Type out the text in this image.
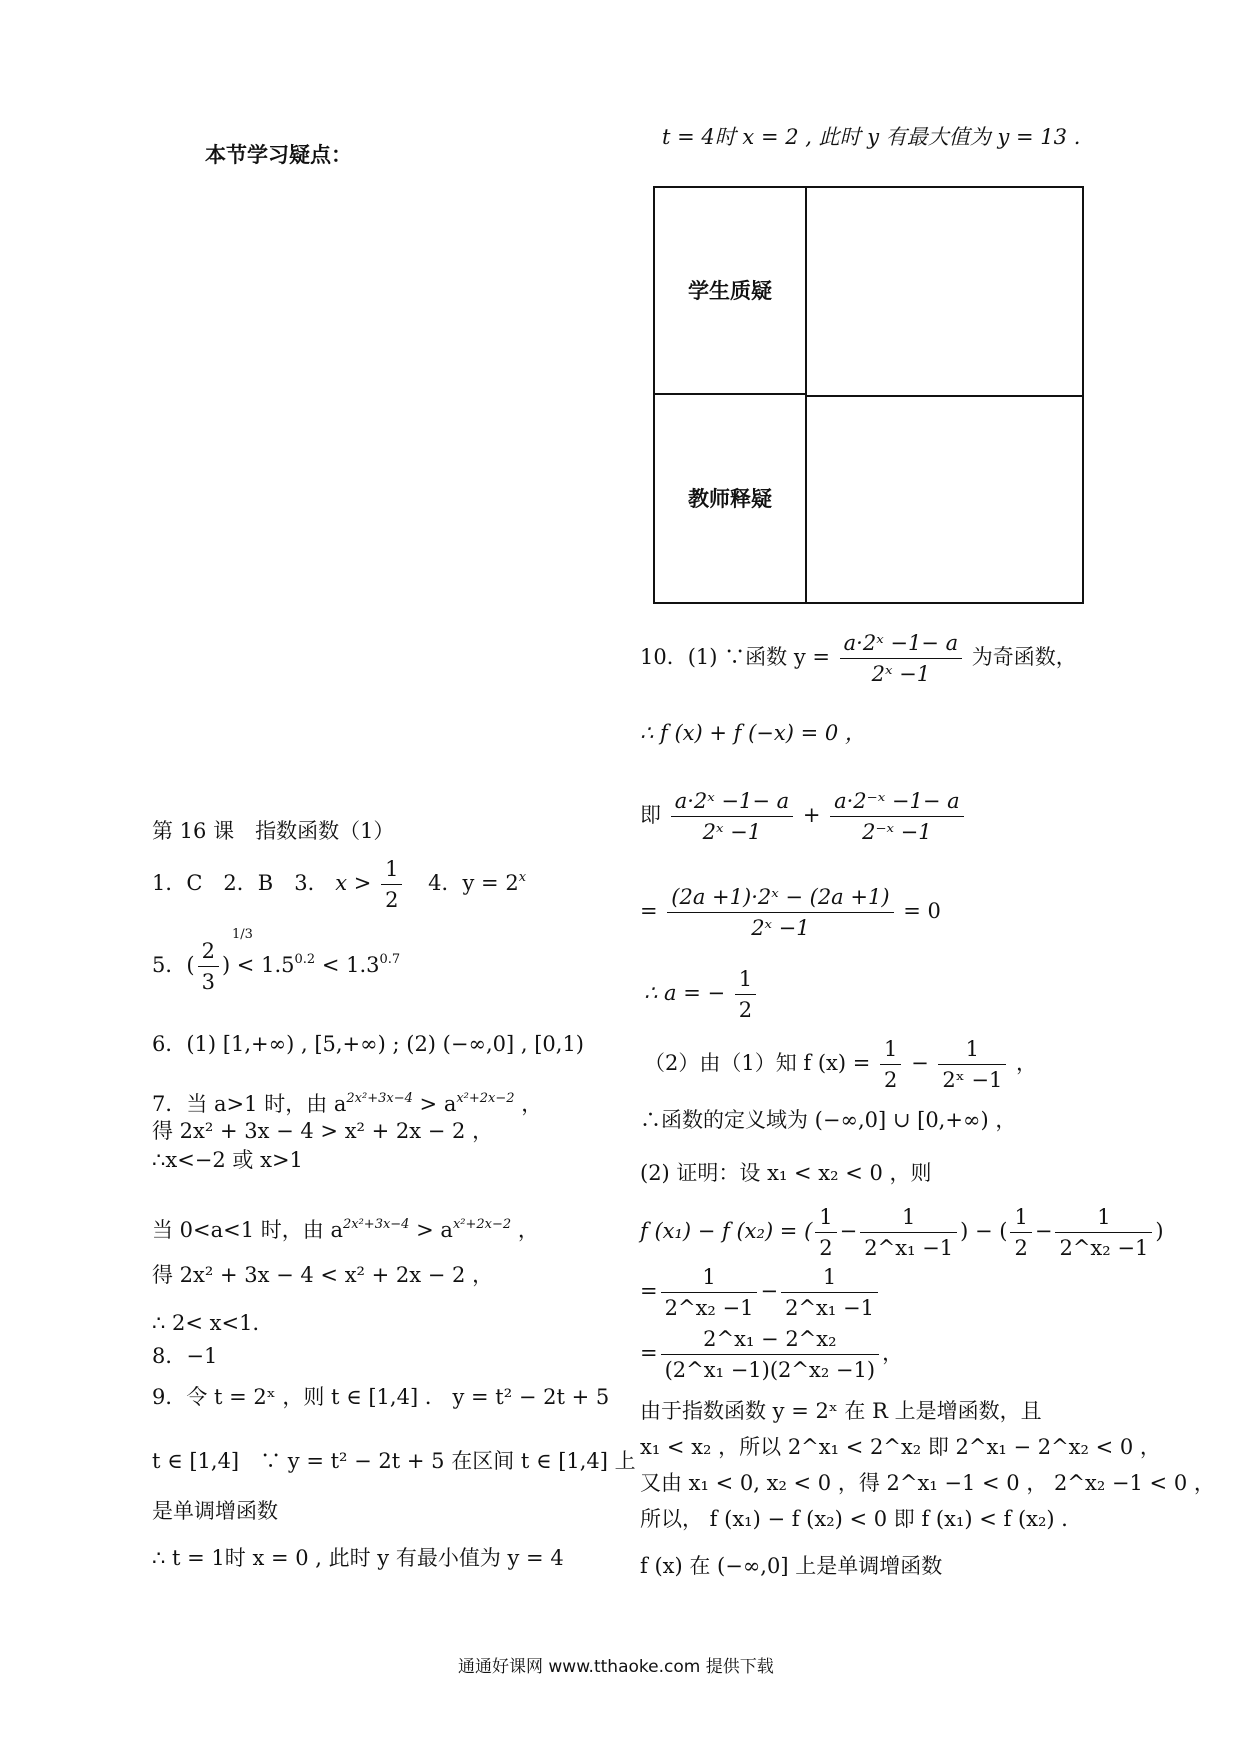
本节学习疑点：
t = 4时 x = 2 , 此时 y 有最大值为 y = 13 .
学生质疑
教师释疑
第 16 课　指数函数（1）
1．C　2．B　3． $x > \frac{1}{2} 4$．$y = 2^x$
5．( $\frac{2}{3}$ ) < $1.5^{0.2} < 1.3^{0.7}$
1/3
6．(1) [1,+∞) , [5,+∞) ; (2) (−∞,0] , [0,1)
7．当 a>1 时，由 $a^{2x^2+3x-4} > a^{x^2+2x-2}$ ，
得 2x² + 3x − 4 > x² + 2x − 2 ，
∴x<−2 或 x>1
当 0<a<1 时，由 $a^{2x^2+3x-4} > a^{x^2+2x-2}$ ，
得 2x² + 3x − 4 < x² + 2x − 2 ，
∴ 2< x<1．
8．−1
9．令 t = 2ˣ ，则 t ∈ [1,4] ． y = t² − 2t + 5
t ∈ [1,4]　∵ y = t² − 2t + 5 在区间 t ∈ [1,4] 上
是单调增函数
∴ t = 1时 x = 0 , 此时 y 有最小值为 y = 4
10．(1) ∵函数 $y = \frac{\text{a·2ˣ −1− a}}{\text{2ˣ −1}}$ 为奇函数，
∴ f (x) + f (−x) = 0 ，
即 $\frac{\text{a·2ˣ −1− a}}{\text{2ˣ −1}} + \frac{\text{a·2⁻ˣ −1− a}}{\text{2⁻ˣ −1}}$
= $\frac{\text{(2a +1)·2ˣ − (2a +1)}}{\text{2ˣ −1}} = 0$
∴ a = − $\frac{1}{2}$
（2）由（1）知 f $(x) = \frac{1}{2} - \frac{1}{\text{2ˣ −1}}$ ，
∴函数的定义域为 (−∞,0] ∪ [0,+∞) ，
(2) 证明：设 x₁ < x₂ < 0 ，则
f (x₁) − f (x₂) = ( $\frac{1}{2} - \frac{1}{\text{2\textasciicircum{}x₁ −1}}$ ) − ( $\frac{1}{2} - \frac{1}{\text{2\textasciicircum{}x₂ −1}}$ )
= $\frac{1}{\text{2\textasciicircum{}x₂ −1}} - \frac{1}{\text{2\textasciicircum{}x₁ −1}}$
= $\frac{\text{2\textasciicircum{}x₁ − 2\textasciicircum{}x₂}}{\text{(2\textasciicircum{}x₁ −1)(2\textasciicircum{}x₂ −1)}}$ ，
由于指数函数 y = 2ˣ 在 R 上是增函数，且
x₁ < x₂ ，所以 2^x₁ < 2^x₂ 即 2^x₁ − 2^x₂ < 0 ，
又由 x₁ < 0, x₂ < 0 ，得 2^x₁ −1 < 0 ， 2^x₂ −1 < 0 ，
所以， f (x₁) − f (x₂) < 0 即 f (x₁) < f (x₂) ．
f (x) 在 (−∞,0] 上是单调增函数
通通好课网 www.tthaoke.com 提供下载
